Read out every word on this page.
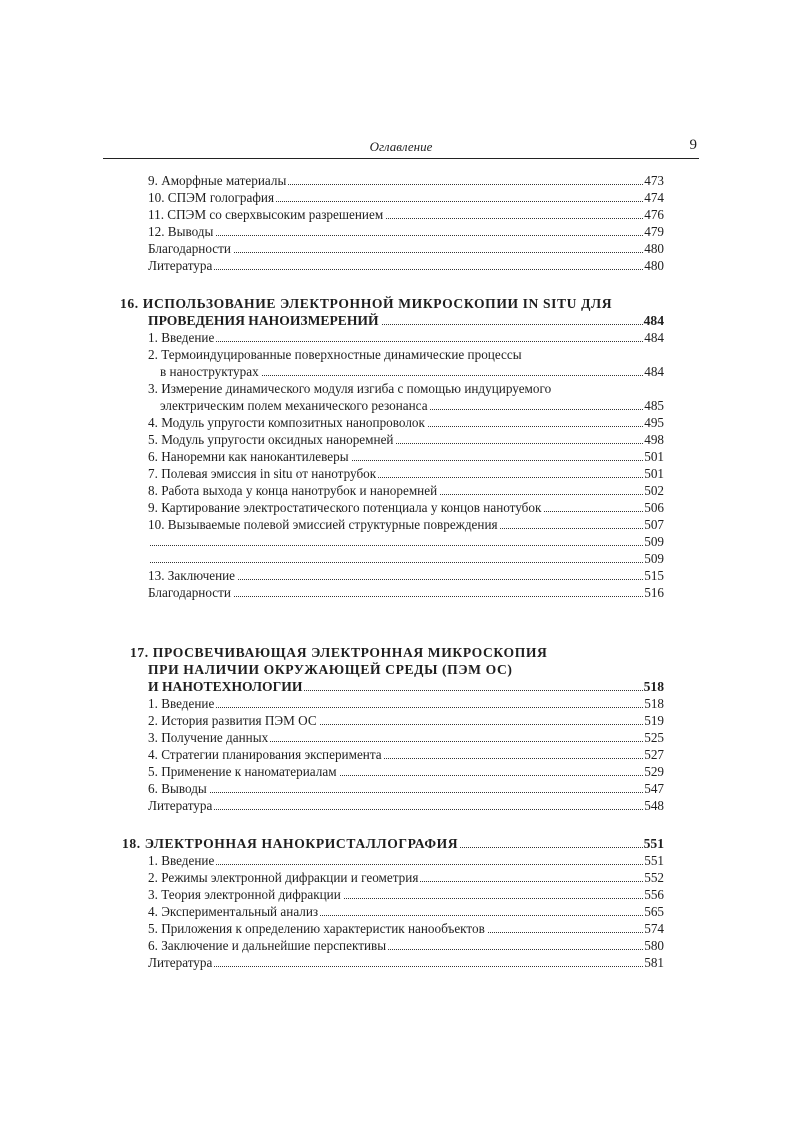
Оглавление	9
9. Аморфные материалы	473
10. СПЭМ голография	474
11. СПЭМ со сверхвысоким разрешением	476
12. Выводы	479
Благодарности	480
Литература	480
16. ИСПОЛЬЗОВАНИЕ ЭЛЕКТРОННОЙ МИКРОСКОПИИ IN SITU ДЛЯ
ПРОВЕДЕНИЯ НАНОИЗМЕРЕНИЙ	484
1. Введение	484
2. Термоиндуцированные поверхностные динамические процессы
в наноструктурах	484
3. Измерение динамического модуля изгиба с помощью индуцируемого
электрическим полем механического резонанса	485
4. Модуль упругости композитных нанопроволок	495
5. Модуль упругости оксидных наноремней	498
6. Наноремни как нанокантилеверы	501
7. Полевая эмиссия in situ от нанотрубок	501
8. Работа выхода у конца нанотрубок и наноремней	502
9. Картирование электростатического потенциала у концов нанотубок	506
10. Вызываемые полевой эмиссией структурные повреждения	507
509
509
13. Заключение	515
Благодарности	516
17. ПРОСВЕЧИВАЮЩАЯ ЭЛЕКТРОННАЯ МИКРОСКОПИЯ
ПРИ НАЛИЧИИ ОКРУЖАЮЩЕЙ СРЕДЫ (ПЭМ ОС)
И НАНОТЕХНОЛОГИИ	518
1. Введение	518
2. История развития ПЭМ ОС	519
3. Получение данных	525
4. Стратегии планирования эксперимента	527
5. Применение к наноматериалам	529
6. Выводы	547
Литература	548
18. ЭЛЕКТРОННАЯ НАНОКРИСТАЛЛОГРАФИЯ	551
1. Введение	551
2. Режимы электронной дифракции и геометрия	552
3. Теория электронной дифракции	556
4. Экспериментальный анализ	565
5. Приложения к определению характеристик нанообъектов	574
6. Заключение и дальнейшие перспективы	580
Литература	581
